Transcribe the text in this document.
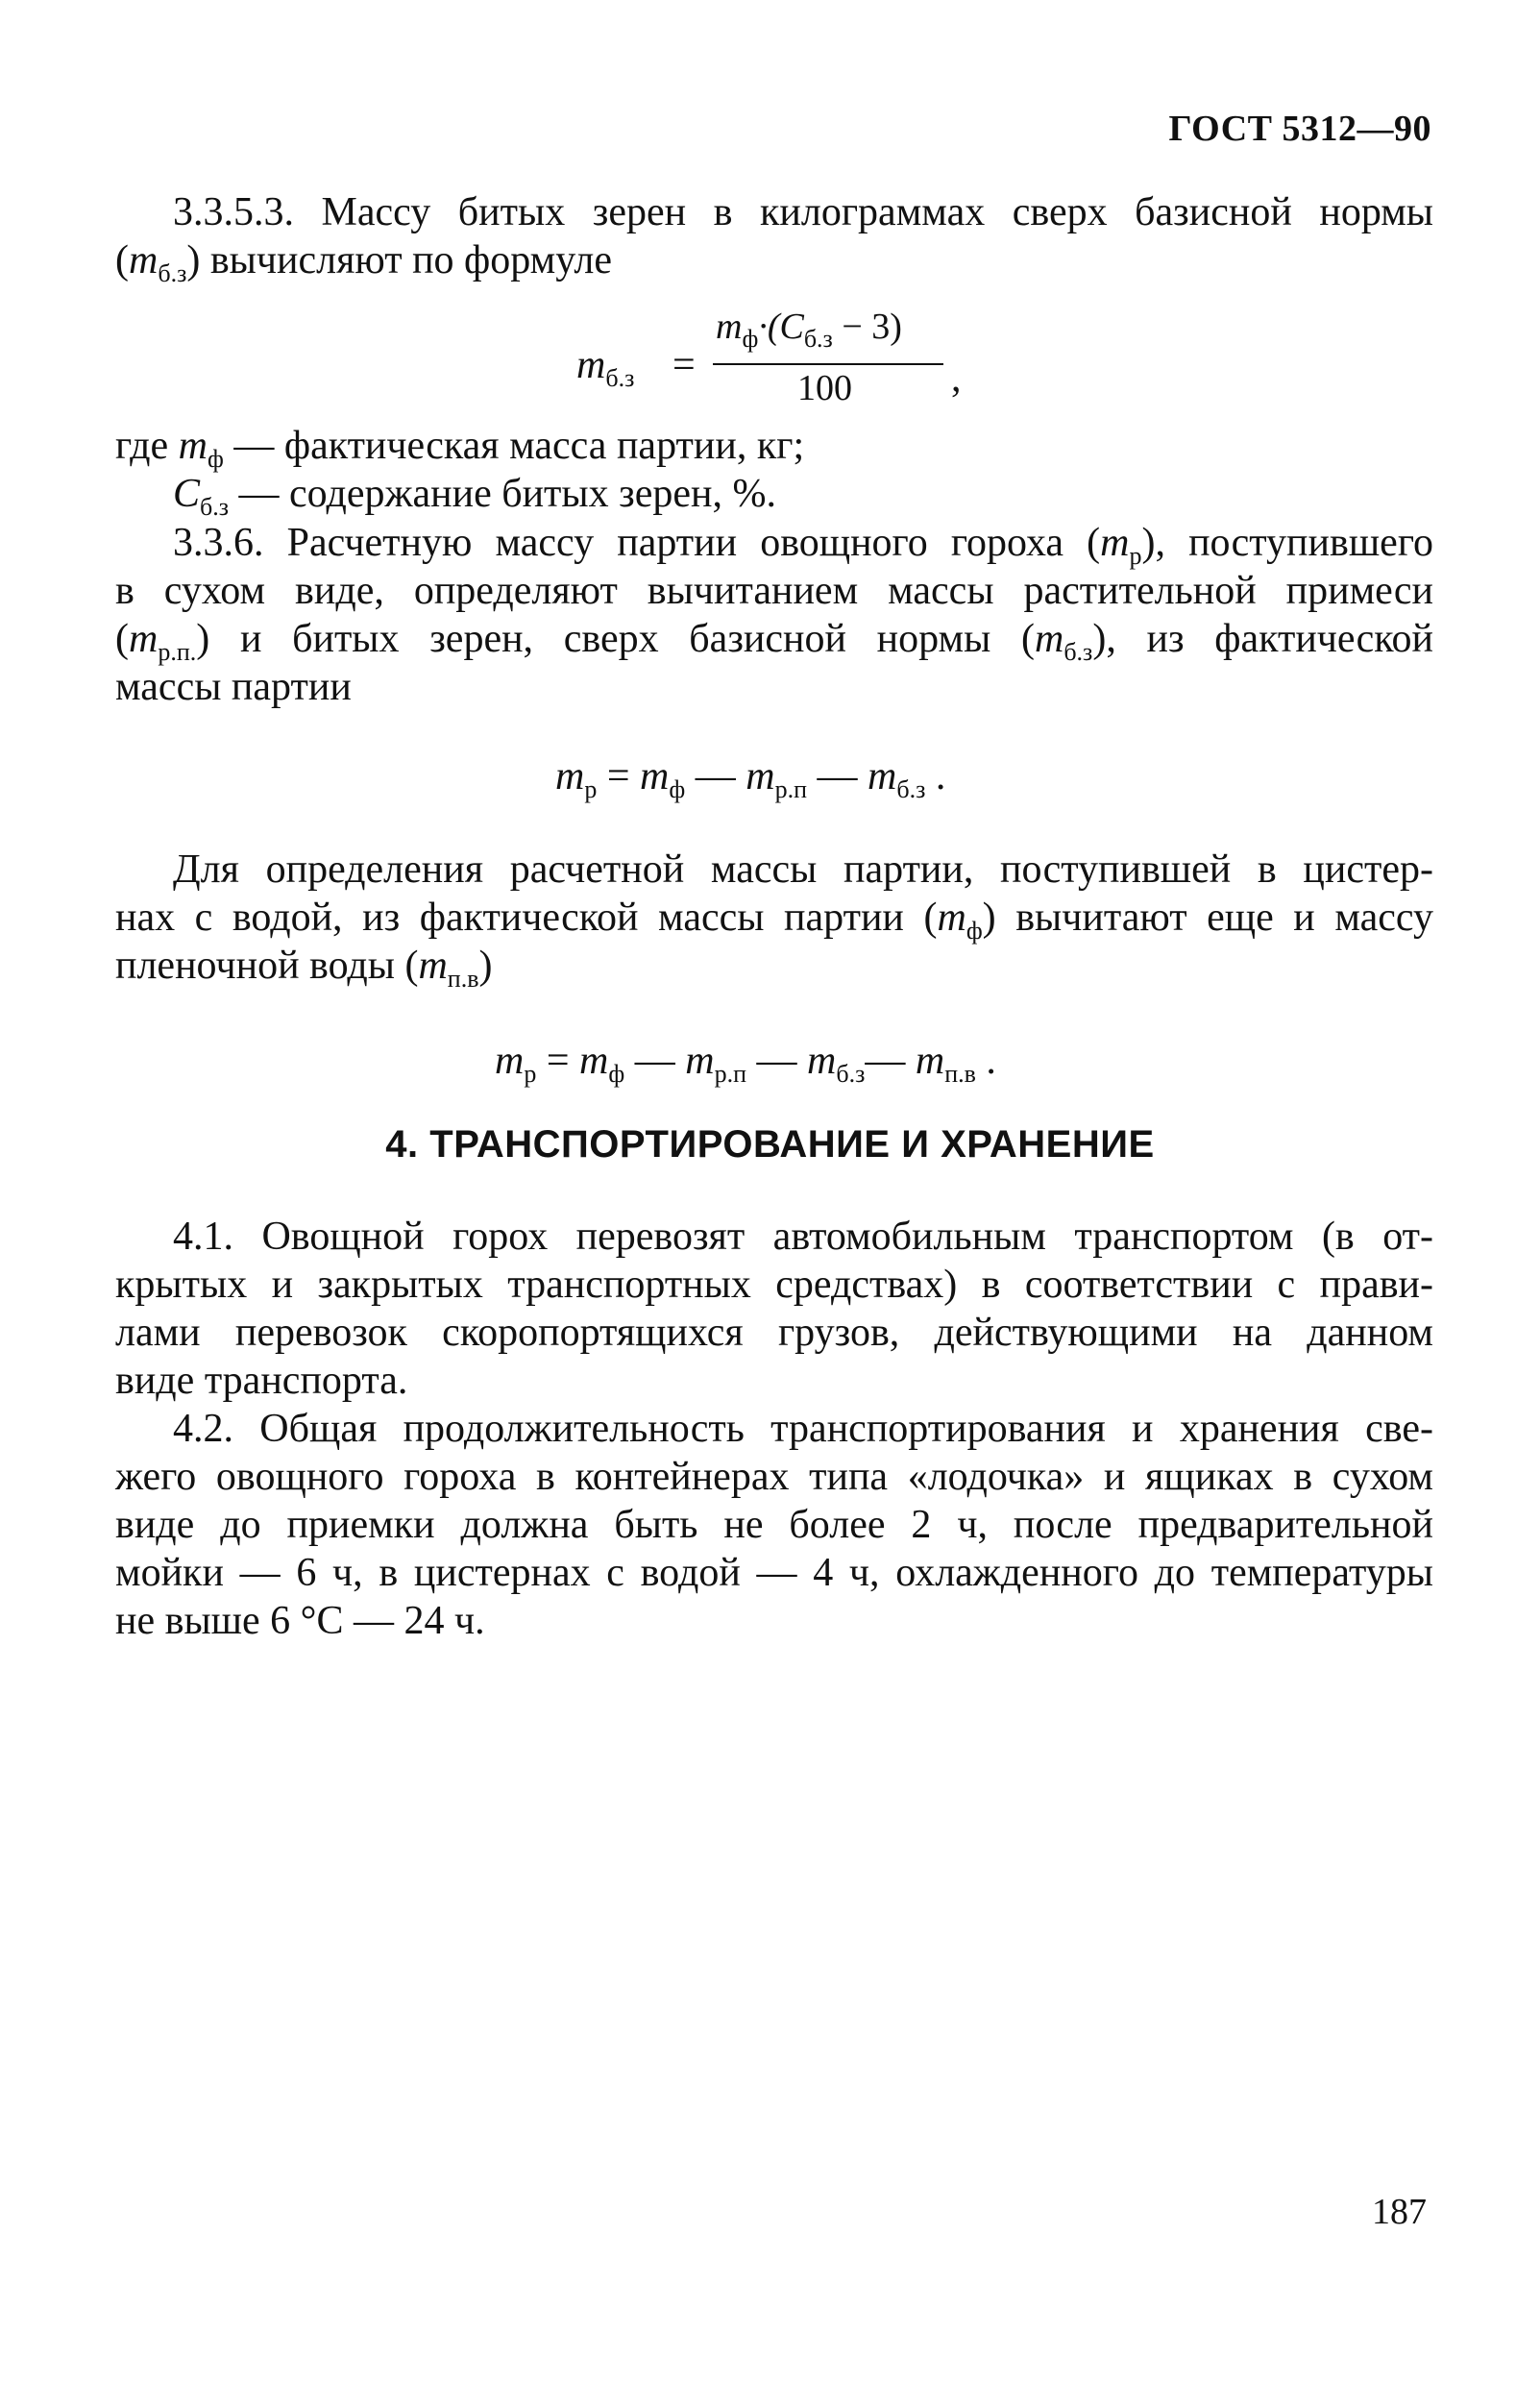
ГОСТ 5312—90
3.3.5.3. Массу битых зерен в килограммах сверх базисной нормы
$(m_{б.з})$ вычисляют по формуле
$m_{б.з}$ =
$m_ф\cdot(C_{б.з} - 3)$
100 ,
где $m_ф$ — фактическая масса партии, кг;
$C_{б.з}$ — содержание битых зерен, %.
3.3.6. Расчетную массу партии овощного гороха $(m_р)$, поступившего
в сухом виде, определяют вычитанием массы растительной примеси
$(m_{р.п.})$ и битых зерен, сверх базисной нормы $(m_{б.з})$, из фактической
массы партии
$m_р = m_ф$ — $m_{р.п}$ — $m_{б.з}$ .
Для определения расчетной массы партии, поступившей в цистер-
нах с водой, из фактической массы партии $(m_ф)$ вычитают еще и массу
пленочной воды $(m_{п.в})$
$m_р = m_ф$ — $m_{р.п}$ — $m_{б.з}—$ $m_{п.в}$ .
4. ТРАНСПОРТИРОВАНИЕ И ХРАНЕНИЕ
4.1. Овощной горох перевозят автомобильным транспортом (в от-
крытых и закрытых транспортных средствах) в соответствии с прави-
лами перевозок скоропортящихся грузов, действующими на данном
виде транспорта.
4.2. Общая продолжительность транспортирования и хранения све-
жего овощного гороха в контейнерах типа «лодочка» и ящиках в сухом
виде до приемки должна быть не более 2 ч, после предварительной
мойки — 6 ч, в цистернах с водой — 4 ч, охлажденного до температуры
не выше 6 °С — 24 ч.
187
